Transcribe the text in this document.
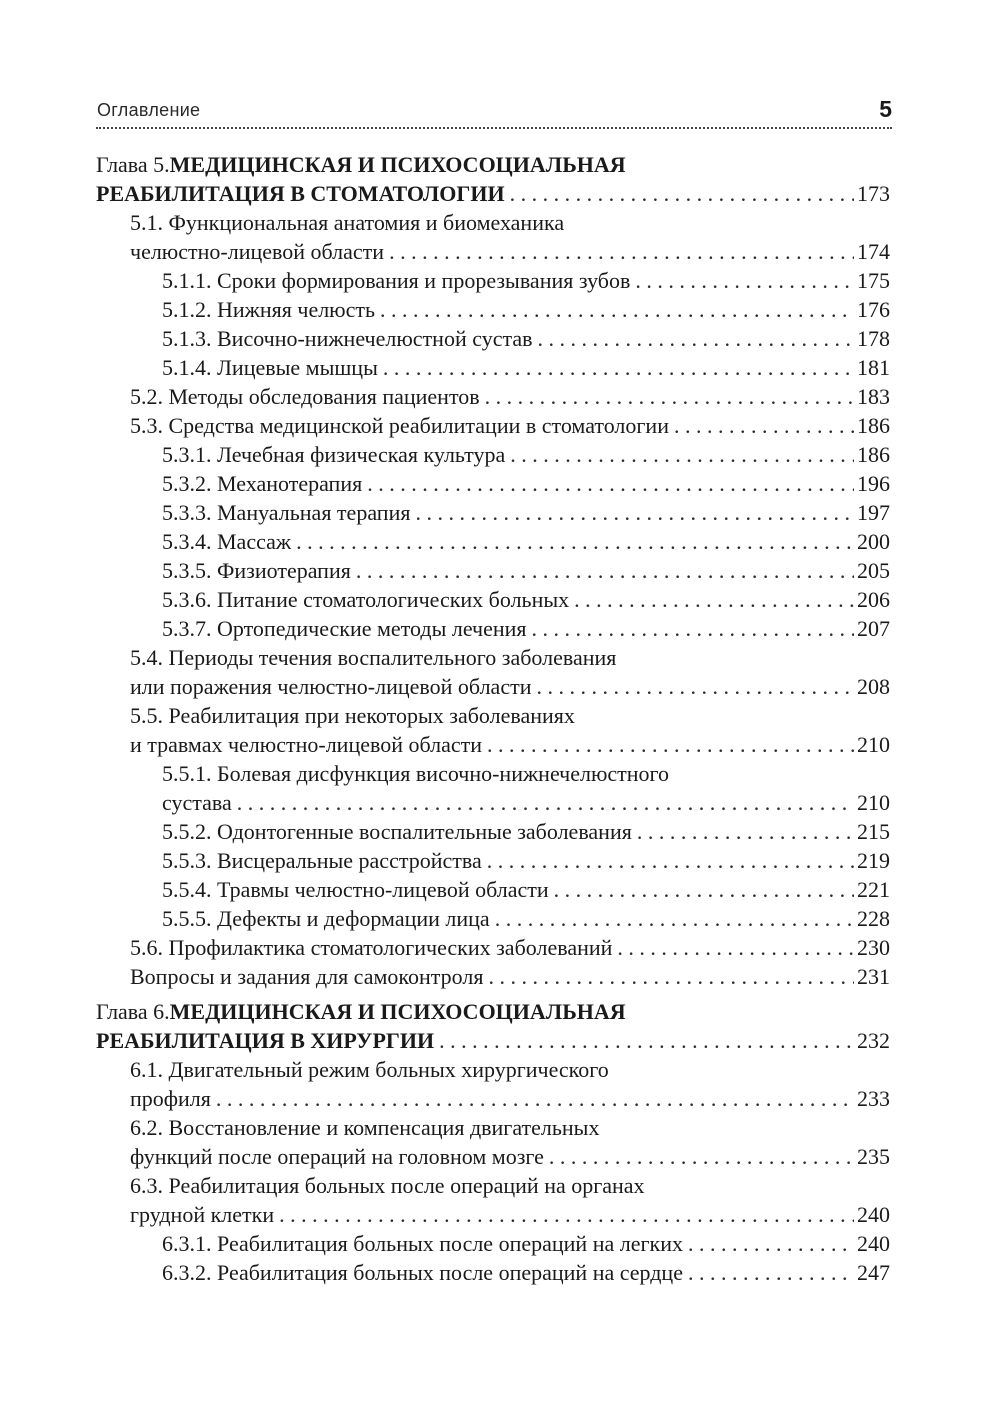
Оглавление	5
Глава 5. МЕДИЦИНСКАЯ И ПСИХОСОЦИАЛЬНАЯ
РЕАБИЛИТАЦИЯ В СТОМАТОЛОГИИ . . .	173
5.1. Функциональная анатомия и биомеханика
челюстно-лицевой области . . .	174
5.1.1. Сроки формирования и прорезывания зубов . . .	175
5.1.2. Нижняя челюсть . . .	176
5.1.3. Височно-нижнечелюстной сустав . . .	178
5.1.4. Лицевые мышцы . . .	181
5.2. Методы обследования пациентов . . .	183
5.3. Средства медицинской реабилитации в стоматологии . . .	186
5.3.1. Лечебная физическая культура . . .	186
5.3.2. Механотерапия . . .	196
5.3.3. Мануальная терапия . . .	197
5.3.4. Массаж . . .	200
5.3.5. Физиотерапия . . .	205
5.3.6. Питание стоматологических больных . . .	206
5.3.7. Ортопедические методы лечения . . .	207
5.4. Периоды течения воспалительного заболевания
или поражения челюстно-лицевой области . . .	208
5.5. Реабилитация при некоторых заболеваниях
и травмах челюстно-лицевой области . . .	210
5.5.1. Болевая дисфункция височно-нижнечелюстного
сустава . . .	210
5.5.2. Одонтогенные воспалительные заболевания . . .	215
5.5.3. Висцеральные расстройства . . .	219
5.5.4. Травмы челюстно-лицевой области . . .	221
5.5.5. Дефекты и деформации лица . . .	228
5.6. Профилактика стоматологических заболеваний . . .	230
Вопросы и задания для самоконтроля . . .	231
Глава 6. МЕДИЦИНСКАЯ И ПСИХОСОЦИАЛЬНАЯ
РЕАБИЛИТАЦИЯ В ХИРУРГИИ . . .	232
6.1. Двигательный режим больных хирургического
профиля . . .	233
6.2. Восстановление и компенсация двигательных
функций после операций на головном мозге . . .	235
6.3. Реабилитация больных после операций на органах
грудной клетки . . .	240
6.3.1. Реабилитация больных после операций на легких . . .	240
6.3.2. Реабилитация больных после операций на сердце . . .	247
